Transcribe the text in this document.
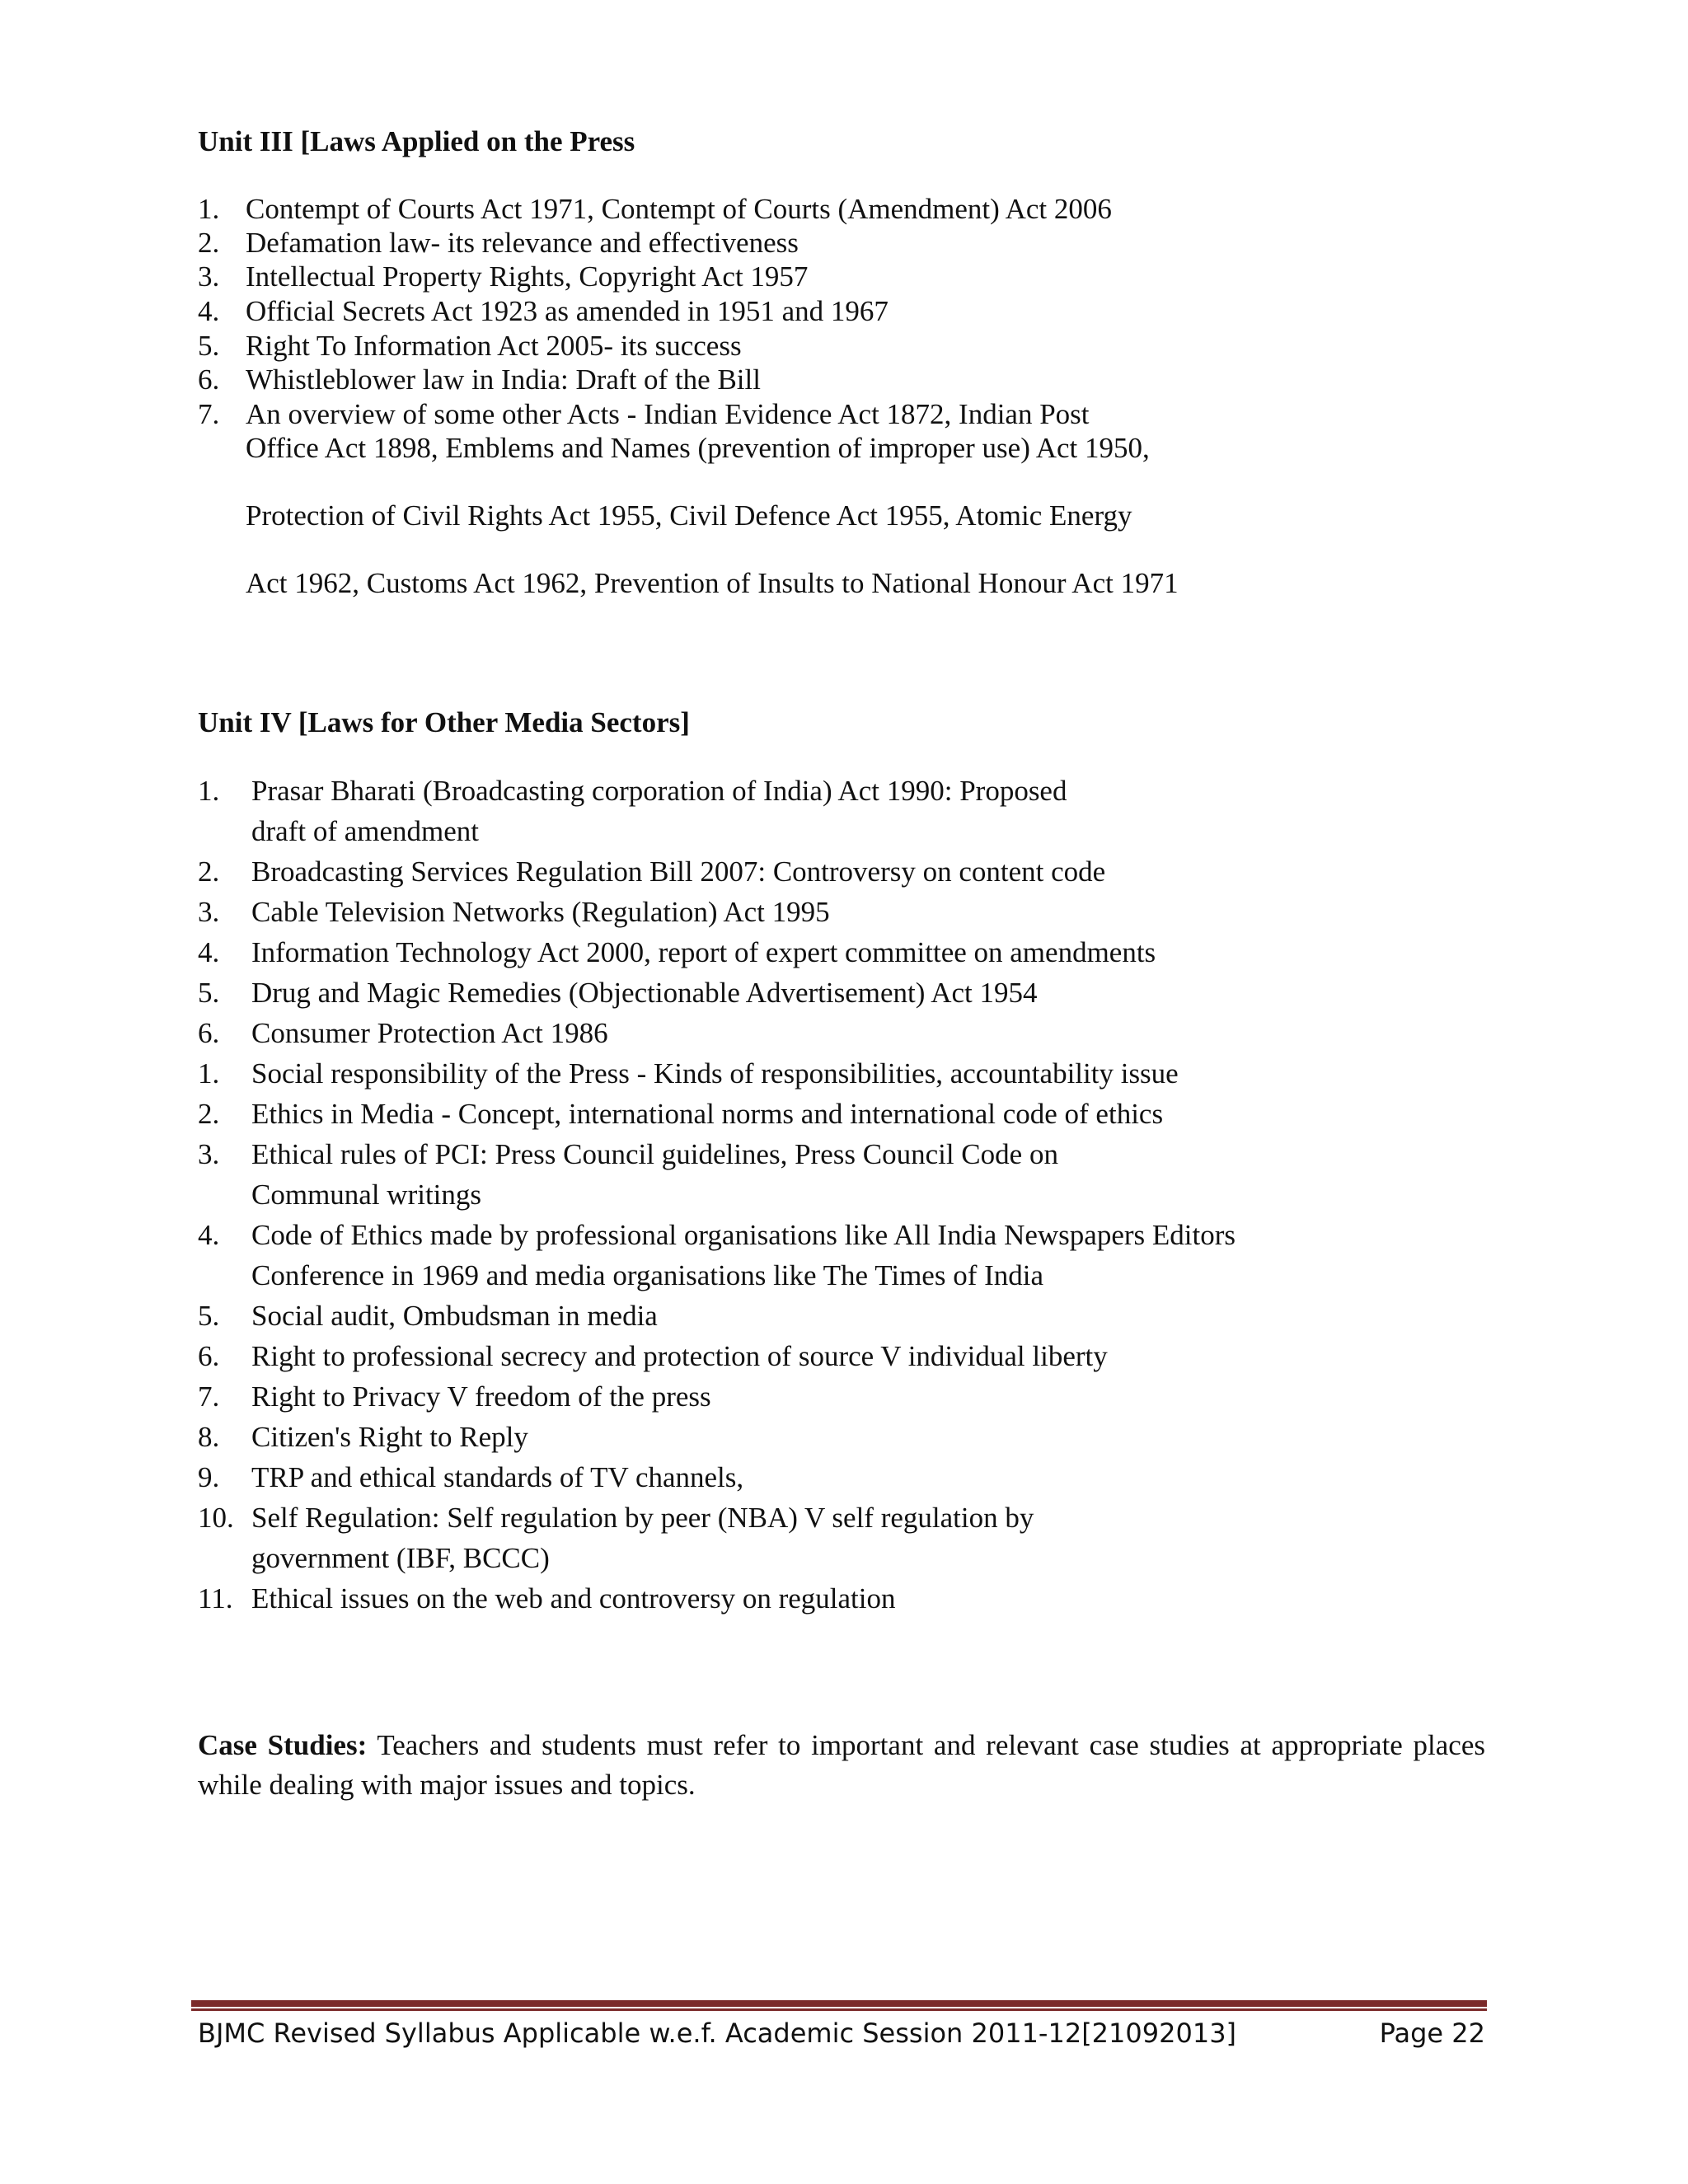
Unit III [Laws Applied on the Press
1. Contempt of Courts Act 1971, Contempt of Courts (Amendment) Act 2006
2. Defamation law- its relevance and effectiveness
3. Intellectual Property Rights, Copyright Act 1957
4. Official Secrets Act 1923 as amended in 1951 and 1967
5. Right To Information Act 2005- its success
6. Whistleblower law in India: Draft of the Bill
7. An overview of some other Acts - Indian Evidence Act 1872, Indian Post
Office Act 1898, Emblems and Names (prevention of improper use) Act 1950,
Protection of Civil Rights Act 1955, Civil Defence Act 1955, Atomic Energy
Act 1962, Customs Act 1962, Prevention of Insults to National Honour Act 1971
Unit IV [Laws for Other Media Sectors]
1. Prasar Bharati (Broadcasting corporation of India) Act 1990: Proposed
draft of amendment
2. Broadcasting Services Regulation Bill 2007: Controversy on content code
3. Cable Television Networks (Regulation) Act 1995
4. Information Technology Act 2000, report of expert committee on amendments
5. Drug and Magic Remedies (Objectionable Advertisement) Act 1954
6. Consumer Protection Act 1986
1. Social responsibility of the Press - Kinds of responsibilities, accountability issue
2. Ethics in Media - Concept, international norms and international code of ethics
3. Ethical rules of PCI: Press Council guidelines, Press Council Code on
Communal writings
4. Code of Ethics made by professional organisations like All India Newspapers Editors
Conference in 1969 and media organisations like The Times of India
5. Social audit, Ombudsman in media
6. Right to professional secrecy and protection of source V individual liberty
7. Right to Privacy V freedom of the press
8. Citizen's Right to Reply
9. TRP and ethical standards of TV channels,
10. Self Regulation: Self regulation by peer (NBA) V self regulation by
government (IBF, BCCC)
11. Ethical issues on the web and controversy on regulation
Case Studies: Teachers and students must refer to important and relevant case studies at appropriate places while dealing with major issues and topics.
BJMC Revised Syllabus Applicable w.e.f. Academic Session 2011-12[21092013]	Page 22
